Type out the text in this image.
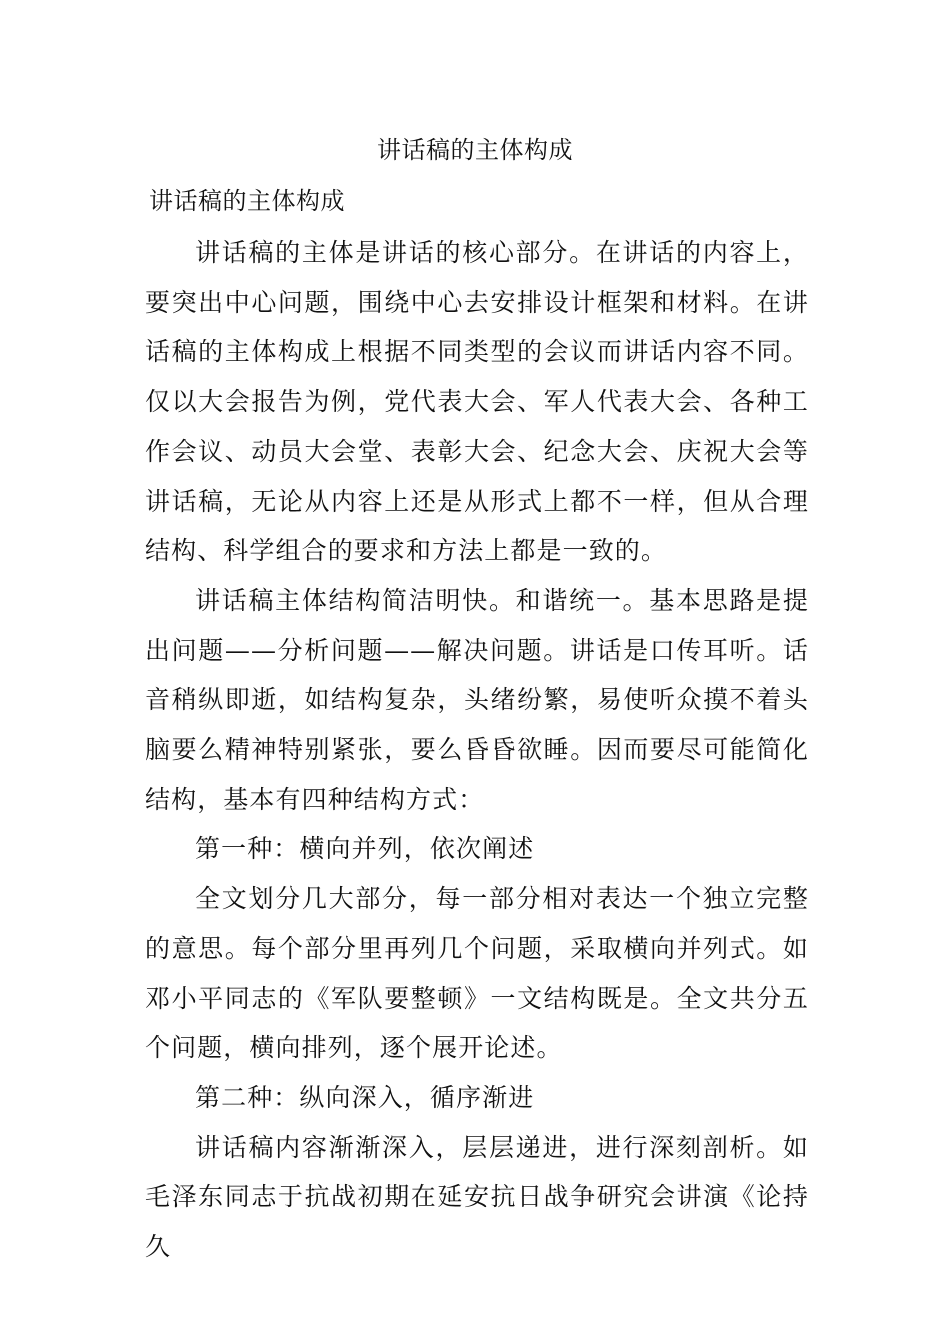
讲话稿的主体构成
讲话稿的主体构成

讲话稿的主体是讲话的核心部分。在讲话的内容上，要突出中心问题，围绕中心去安排设计框架和材料。在讲话稿的主体构成上根据不同类型的会议而讲话内容不同。仅以大会报告为例，党代表大会、军人代表大会、各种工作会议、动员大会堂、表彰大会、纪念大会、庆祝大会等讲话稿，无论从内容上还是从形式上都不一样，但从合理结构、科学组合的要求和方法上都是一致的。

讲话稿主体结构简洁明快。和谐统一。基本思路是提出问题——分析问题——解决问题。讲话是口传耳听。话音稍纵即逝，如结构复杂，头绪纷繁，易使听众摸不着头脑要么精神特别紧张，要么昏昏欲睡。因而要尽可能简化结构，基本有四种结构方式：

第一种：横向并列，依次阐述

全文划分几大部分，每一部分相对表达一个独立完整的意思。每个部分里再列几个问题，采取横向并列式。如邓小平同志的《军队要整顿》一文结构既是。全文共分五个问题，横向排列，逐个展开论述。

第二种：纵向深入，循序渐进

讲话稿内容渐渐深入，层层递进，进行深刻剖析。如毛泽东同志于抗战初期在延安抗日战争研究会讲演《论持久
